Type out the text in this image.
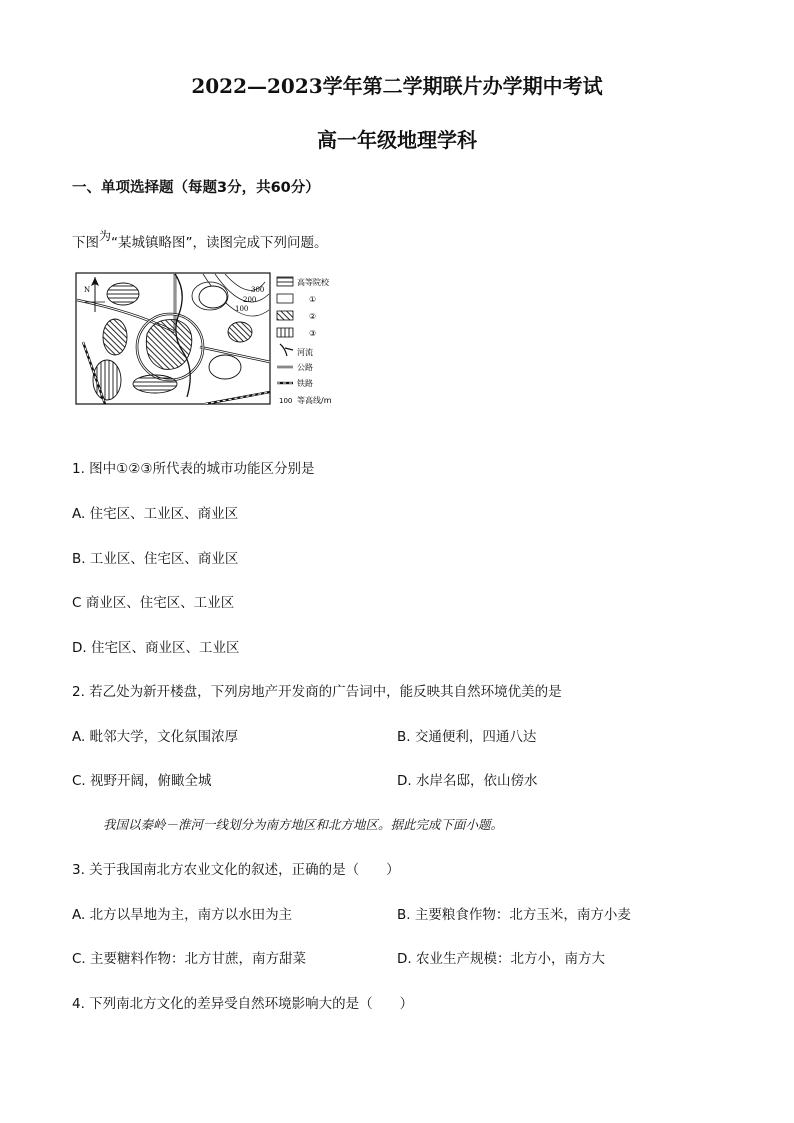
2022—2023学年第二学期联片办学期中考试
高一年级地理学科
一、单项选择题（每题3分，共60分）
下图为“某城镇略图”，读图完成下列问题。
N	300
200
100
高等院校
①
②
③
河流
公路
铁路
100 等高线/m
1. 图中①②③所代表的城市功能区分别是
A. 住宅区、工业区、商业区
B. 工业区、住宅区、商业区
C 商业区、住宅区、工业区
D. 住宅区、商业区、工业区
2. 若乙处为新开楼盘，下列房地产开发商的广告词中，能反映其自然环境优美的是
A. 毗邻大学，文化氛围浓厚	B. 交通便利，四通八达
C. 视野开阔，俯瞰全城	D. 水岸名邸，依山傍水
我国以秦岭－淮河一线划分为南方地区和北方地区。据此完成下面小题。
3. 关于我国南北方农业文化的叙述，正确的是（　　）
A. 北方以旱地为主，南方以水田为主	B. 主要粮食作物：北方玉米，南方小麦
C. 主要糖料作物：北方甘蔗，南方甜菜	D. 农业生产规模：北方小，南方大
4. 下列南北方文化的差异受自然环境影响大的是（　　）
